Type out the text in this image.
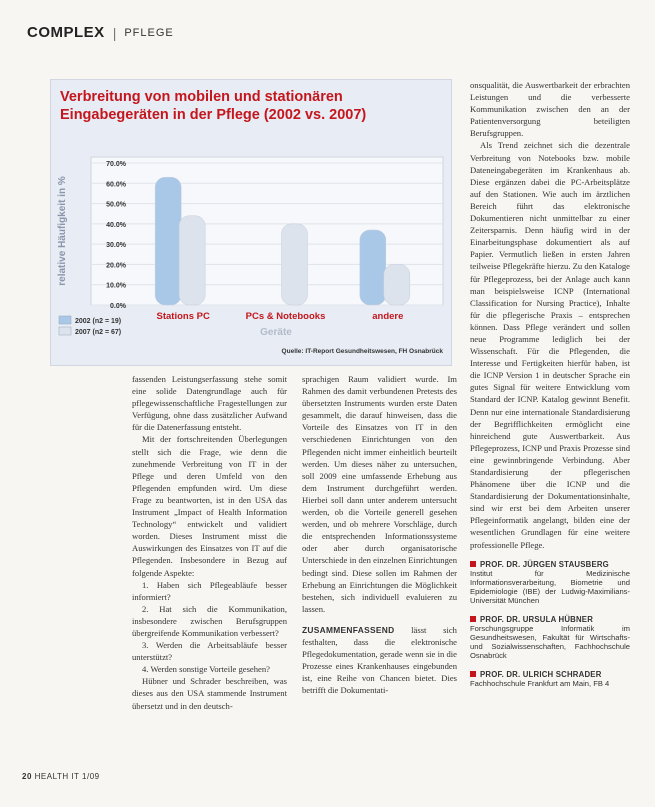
COMPLEX | PFLEGE
Verbreitung von mobilen und stationären
Eingabegeräten in der Pflege (2002 vs. 2007)
0.0%
10.0%
20.0%
30.0%
40.0%
50.0%
60.0%
70.0%
Stations PC	PCs & Notebooks	andere
relative Häufigkeit in %
Geräte
2002 (n2 = 19)
2007 (n2 = 67)
Quelle: IT-Report Gesundheitswesen, FH Osnabrück

fassenden Leistungserfassung stehe somit eine solide Datengrundlage auch für pflegewissenschaftliche Fragestellungen zur Verfügung, ohne dass zusätzlicher Aufwand für die Datenerfassung entsteht.

Mit der fortschreitenden Überlegungen stellt sich die Frage, wie denn die zunehmende Verbreitung von IT in der Pflege und deren Umfeld von den Pflegenden empfunden wird. Um diese Frage zu beantworten, ist in den USA das Instrument „Impact of Health Information Technology“ entwickelt und validiert worden. Dieses Instrument misst die Auswirkungen des Einsatzes von IT auf die Pflegenden. Insbesondere in Bezug auf folgende Aspekte:

1. Haben sich Pflegeabläufe besser informiert?

2. Hat sich die Kommunikation, insbesondere zwischen Berufsgruppen übergreifende Kommunikation verbessert?

3. Werden die Arbeitsabläufe besser unterstützt?

4. Werden sonstige Vorteile gesehen?

Hübner und Schrader beschreiben, was dieses aus den USA stammende Instrument übersetzt und in den deutsch-

sprachigen Raum validiert wurde. Im Rahmen des damit verbundenen Pretests des übersetzten Instruments wurden erste Daten gesammelt, die darauf hinweisen, dass die Vorteile des Einsatzes von IT in den verschiedenen Einrichtungen von den Pflegenden nicht immer einheitlich beurteilt werden. Um dieses näher zu untersuchen, soll 2009 eine umfassende Erhebung aus dem Instrument durchgeführt werden. Hierbei soll dann unter anderem untersucht werden, ob die Vorteile generell gesehen werden, und ob mehrere Vorschläge, durch die entsprechenden Informationssysteme oder aber durch organisatorische Unterschiede in den einzelnen Einrichtungen bedingt sind. Diese sollen im Rahmen der Erhebung an Einrichtungen die Möglichkeit bestehen, sich individuell evaluieren zu lassen.

ZUSAMMENFASSEND lässt sich festhalten, dass die elektronische Pflegedokumentation, gerade wenn sie in die Prozesse eines Krankenhauses eingebunden ist, eine Reihe von Chancen bietet. Dies betrifft die Dokumentati-

onsqualität, die Auswertbarkeit der erbrachten Leistungen und die verbesserte Kommunikation zwischen den an der Patientenversorgung beteiligten Berufsgruppen.

Als Trend zeichnet sich die dezentrale Verbreitung von Notebooks bzw. mobile Dateneingabegeräten im Krankenhaus ab. Diese ergänzen dabei die PC-Arbeitsplätze auf den Stationen. Wie auch im ärztlichen Bereich führt das elektronische Dokumentieren nicht unmittelbar zu einer Zeitersparnis. Denn häufig wird in der Einarbeitungsphase dokumentiert als auf Papier. Vermutlich ließen in ersten Jahren teilweise Pflegekräfte hierzu. Zu den Kataloge für Pflegeprozess, bei der Anlage auch kann man beispielsweise ICNP (International Classification for Nursing Practice), Inhalte für die pflegerische Praxis – entsprechen können. Dass Pflege verändert und sollen neue Programme lediglich bei der Wissenschaft. Für die Pflegenden, die Interesse und Fertigkeiten hierfür haben, ist die ICNP Version 1 in deutscher Sprache ein gutes Signal für weitere Entwicklung vom Standard der ICNP. Katalog gewinnt Benefit. Denn nur eine internationale Standardisierung der Begrifflichkeiten ermöglicht eine hinreichend gute Auswertbarkeit. Aus Pflegeprozess, ICNP und Praxis Prozesse sind eine gewinnbringende Verbindung. Aber Standardisierung der pflegerischen Phänomene über die ICNP und die Standardisierung der Dokumentationsinhalte, sind wir erst bei dem Arbeiten unserer Pflegeinformatik angelangt, bilden eine der wesentlichen Grundlagen für eine weitere professionelle Pflege.

PROF. DR. JÜRGEN STAUSBERG
Institut für Medizinische Informationsverarbeitung, Biometrie und Epidemiologie (IBE) der Ludwig-Maximilians-Universität München
PROF. DR. URSULA HÜBNER
Forschungsgruppe Informatik im Gesundheitswesen, Fakultät für Wirtschafts- und Sozialwissenschaften, Fachhochschule Osnabrück
PROF. DR. ULRICH SCHRADER
Fachhochschule Frankfurt am Main, FB 4
20 HEALTH IT 1/09
